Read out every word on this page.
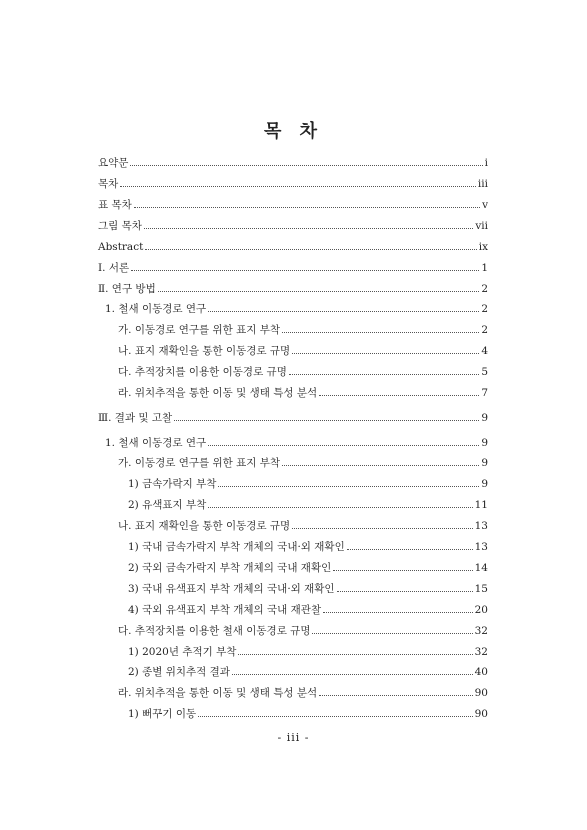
목 차
요약문	i
목차	iii
표 목차	v
그림 목차	vii
Abstract	ix
Ⅰ. 서론	1
Ⅱ. 연구 방법	2
1. 철새 이동경로 연구	2
가. 이동경로 연구를 위한 표지 부착	2
나. 표지 재확인을 통한 이동경로 규명	4
다. 추적장치를 이용한 이동경로 규명	5
라. 위치추적을 통한 이동 및 생태 특성 분석	7
Ⅲ. 결과 및 고찰	9
1. 철새 이동경로 연구	9
가. 이동경로 연구를 위한 표지 부착	9
1) 금속가락지 부착	9
2) 유색표지 부착	11
나. 표지 재확인을 통한 이동경로 규명	13
1) 국내 금속가락지 부착 개체의 국내·외 재확인	13
2) 국외 금속가락지 부착 개체의 국내 재확인	14
3) 국내 유색표지 부착 개체의 국내·외 재확인	15
4) 국외 유색표지 부착 개체의 국내 재관찰	20
다. 추적장치를 이용한 철새 이동경로 규명	32
1) 2020년 추적기 부착	32
2) 종별 위치추적 결과	40
라. 위치추적을 통한 이동 및 생태 특성 분석	90
1) 뻐꾸기 이동	90
- iii -
